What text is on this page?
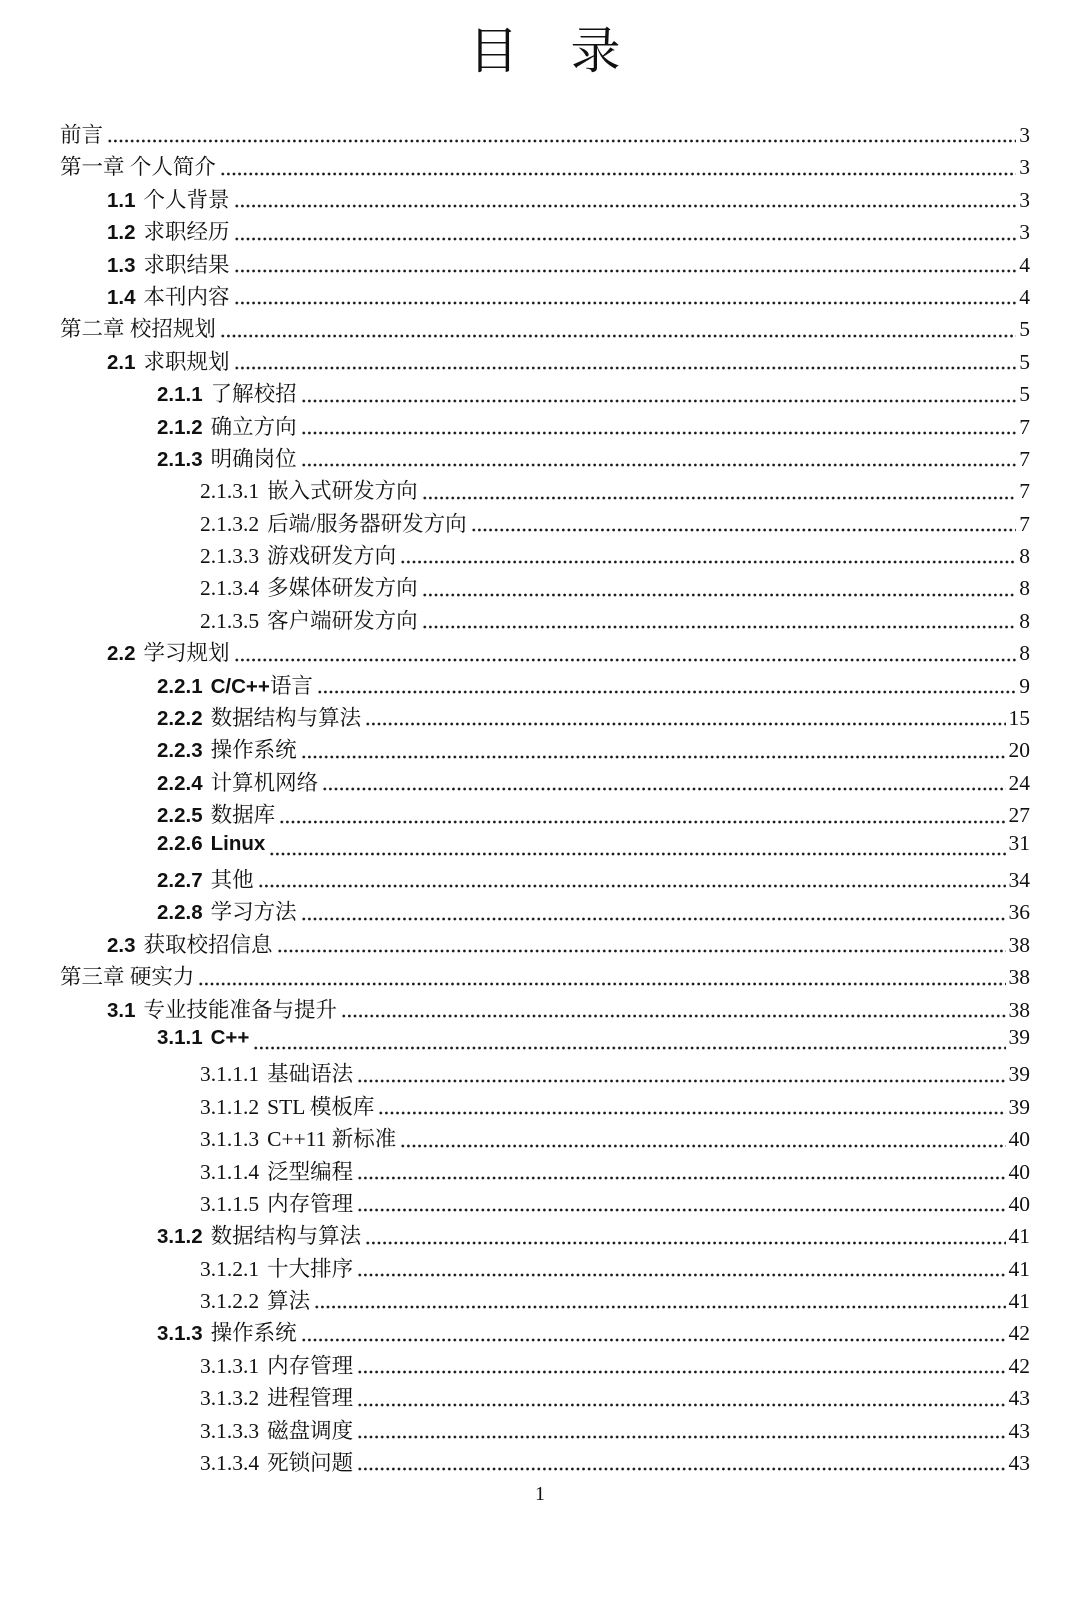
目　录
前言	3
第一章 个人简介	3
1.1 个人背景	3
1.2 求职经历	3
1.3 求职结果	4
1.4 本刊内容	4
第二章 校招规划	5
2.1 求职规划	5
2.1.1 了解校招	5
2.1.2 确立方向	7
2.1.3 明确岗位	7
2.1.3.1 嵌入式研发方向	7
2.1.3.2 后端/服务器研发方向	7
2.1.3.3 游戏研发方向	8
2.1.3.4 多媒体研发方向	8
2.1.3.5 客户端研发方向	8
2.2 学习规划	8
2.2.1 C/C++ 语言	9
2.2.2 数据结构与算法	15
2.2.3 操作系统	20
2.2.4 计算机网络	24
2.2.5 数据库	27
2.2.6 Linux	31
2.2.7 其他	34
2.2.8 学习方法	36
2.3 获取校招信息	38
第三章 硬实力	38
3.1 专业技能准备与提升	38
3.1.1 C++	39
3.1.1.1 基础语法	39
3.1.1.2 STL 模板库	39
3.1.1.3 C++11 新标准	40
3.1.1.4 泛型编程	40
3.1.1.5 内存管理	40
3.1.2 数据结构与算法	41
3.1.2.1 十大排序	41
3.1.2.2 算法	41
3.1.3 操作系统	42
3.1.3.1 内存管理	42
3.1.3.2 进程管理	43
3.1.3.3 磁盘调度	43
3.1.3.4 死锁问题	43
1
